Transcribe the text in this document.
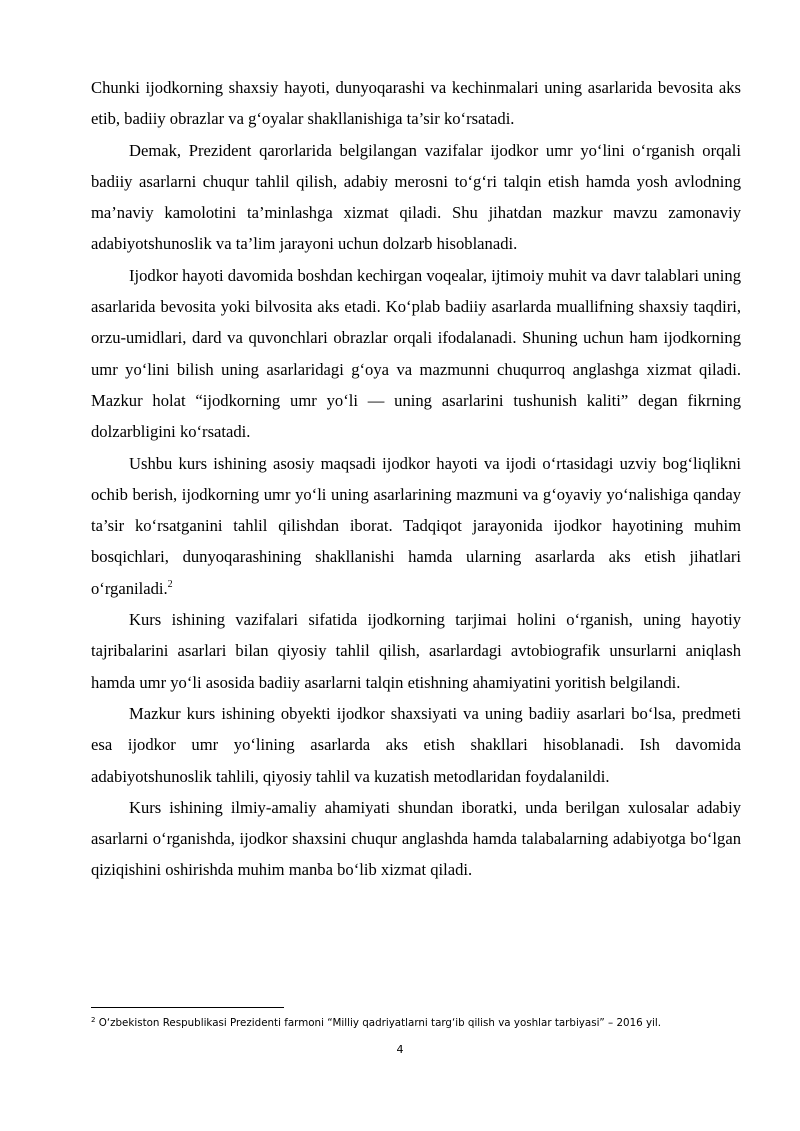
Chunki ijodkorning shaxsiy hayoti, dunyoqarashi va kechinmalari uning asarlarida bevosita aks etib, badiiy obrazlar va g‘oyalar shakllanishiga ta’sir ko‘rsatadi.

Demak, Prezident qarorlarida belgilangan vazifalar ijodkor umr yo‘lini o‘rganish orqali badiiy asarlarni chuqur tahlil qilish, adabiy merosni to‘g‘ri talqin etish hamda yosh avlodning ma’naviy kamolotini ta’minlashga xizmat qiladi. Shu jihatdan mazkur mavzu zamonaviy adabiyotshunoslik va ta’lim jarayoni uchun dolzarb hisoblanadi.

Ijodkor hayoti davomida boshdan kechirgan voqealar, ijtimoiy muhit va davr talablari uning asarlarida bevosita yoki bilvosita aks etadi. Ko‘plab badiiy asarlarda muallifning shaxsiy taqdiri, orzu-umidlari, dard va quvonchlari obrazlar orqali ifodalanadi. Shuning uchun ham ijodkorning umr yo‘lini bilish uning asarlaridagi g‘oya va mazmunni chuqurroq anglashga xizmat qiladi. Mazkur holat “ijodkorning umr yo‘li — uning asarlarini tushunish kaliti” degan fikrning dolzarbligini ko‘rsatadi.

Ushbu kurs ishining asosiy maqsadi ijodkor hayoti va ijodi o‘rtasidagi uzviy bog‘liqlikni ochib berish, ijodkorning umr yo‘li uning asarlarining mazmuni va g‘oyaviy yo‘nalishiga qanday ta’sir ko‘rsatganini tahlil qilishdan iborat. Tadqiqot jarayonida ijodkor hayotining muhim bosqichlari, dunyoqarashining shakllanishi hamda ularning asarlarda aks etish jihatlari o‘rganiladi.$^2$

Kurs ishining vazifalari sifatida ijodkorning tarjimai holini o‘rganish, uning hayotiy tajribalarini asarlari bilan qiyosiy tahlil qilish, asarlardagi avtobiografik unsurlarni aniqlash hamda umr yo‘li asosida badiiy asarlarni talqin etishning ahamiyatini yoritish belgilandi.

Mazkur kurs ishining obyekti ijodkor shaxsiyati va uning badiiy asarlari bo‘lsa, predmeti esa ijodkor umr yo‘lining asarlarda aks etish shakllari hisoblanadi. Ish davomida adabiyotshunoslik tahlili, qiyosiy tahlil va kuzatish metodlaridan foydalanildi.

Kurs ishining ilmiy-amaliy ahamiyati shundan iboratki, unda berilgan xulosalar adabiy asarlarni o‘rganishda, ijodkor shaxsini chuqur anglashda hamda talabalarning adabiyotga bo‘lgan qiziqishini oshirishda muhim manba bo‘lib xizmat qiladi.

$^2$ O‘zbekiston Respublikasi Prezidenti farmoni “Milliy qadriyatlarni targ‘ib qilish va yoshlar tarbiyasi” – 2016 yil.
4
